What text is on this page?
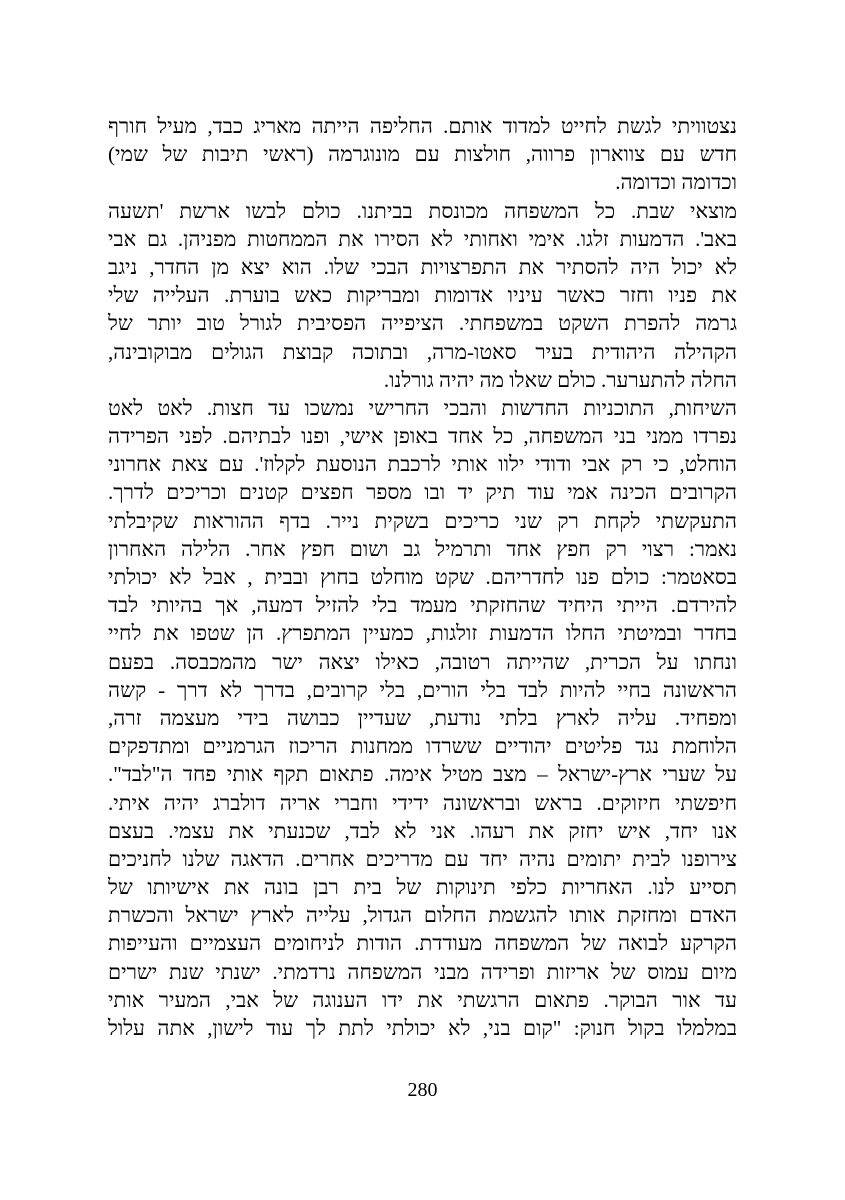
נצטוויתי לגשת לחייט למדוד אותם. החליפה הייתה מאריג כבד, מעיל חורף
חדש עם צווארון פרווה, חולצות עם מונוגרמה (ראשי תיבות של שמי)
וכדומה וכדומה.
מוצאי שבת. כל המשפחה מכונסת בביתנו. כולם לבשו ארשת 'תשעה
באב'. הדמעות זלגו. אימי ואחותי לא הסירו את הממחטות מפניהן. גם אבי
לא יכול היה להסתיר את התפרצויות הבכי שלו. הוא יצא מן החדר, ניגב
את פניו וחזר כאשר עיניו אדומות ומבריקות כאש בוערת. העלייה שלי
גרמה להפרת השקט במשפחתי. הציפייה הפסיבית לגורל טוב יותר של
הקהילה היהודית בעיר סאטו-מרה, ובתוכה קבוצת הגולים מבוקובינה,
החלה להתערער. כולם שאלו מה יהיה גורלנו.
השיחות, התוכניות החדשות והבכי החרישי נמשכו עד חצות. לאט לאט
נפרדו ממני בני המשפחה, כל אחד באופן אישי, ופנו לבתיהם. לפני הפרידה
הוחלט, כי רק אבי ודודי ילוו אותי לרכבת הנוסעת לקלוז'. עם צאת אחרוני
הקרובים הכינה אמי עוד תיק יד ובו מספר חפצים קטנים וכריכים לדרך.
התעקשתי לקחת רק שני כריכים בשקית נייר. בדף ההוראות שקיבלתי
נאמר: רצוי רק חפץ אחד ותרמיל גב ושום חפץ אחר. הלילה האחרון
בסאטמר: כולם פנו לחדריהם. שקט מוחלט בחוץ ובבית , אבל לא יכולתי
להירדם. הייתי היחיד שהחזקתי מעמד בלי להזיל דמעה, אך בהיותי לבד
בחדר ובמיטתי החלו הדמעות זולגות, כמעיין המתפרץ. הן שטפו את לחיי
ונחתו על הכרית, שהייתה רטובה, כאילו יצאה ישר מהמכבסה. בפעם
הראשונה בחיי להיות לבד בלי הורים, בלי קרובים, בדרך לא דרך - קשה
ומפחיד. עליה לארץ בלתי נודעת, שעדיין כבושה בידי מעצמה זרה,
הלוחמת נגד פליטים יהודיים ששרדו ממחנות הריכוז הגרמניים ומתדפקים
על שערי ארץ-ישראל – מצב מטיל אימה. פתאום תקף אותי פחד ה"לבד".
חיפשתי חיזוקים. בראש ובראשונה ידידי וחברי אריה דולברג יהיה איתי.
אנו יחד, איש יחזק את רעהו. אני לא לבד, שכנעתי את עצמי. בעצם
צירופנו לבית יתומים נהיה יחד עם מדריכים אחרים. הדאגה שלנו לחניכים
תסייע לנו. האחריות כלפי תינוקות של בית רבן בונה את אישיותו של
האדם ומחזקת אותו להגשמת החלום הגדול, עלייה לארץ ישראל והכשרת
הקרקע לבואה של המשפחה מעודדת. הודות לניחומים העצמיים והעייפות
מיום עמוס של אריזות ופרידה מבני המשפחה נרדמתי. ישנתי שנת ישרים
עד אור הבוקר. פתאום הרגשתי את ידו הענוגה של אבי, המעיר אותי
במלמלו בקול חנוק: "קום בני, לא יכולתי לתת לך עוד לישון, אתה עלול
280
